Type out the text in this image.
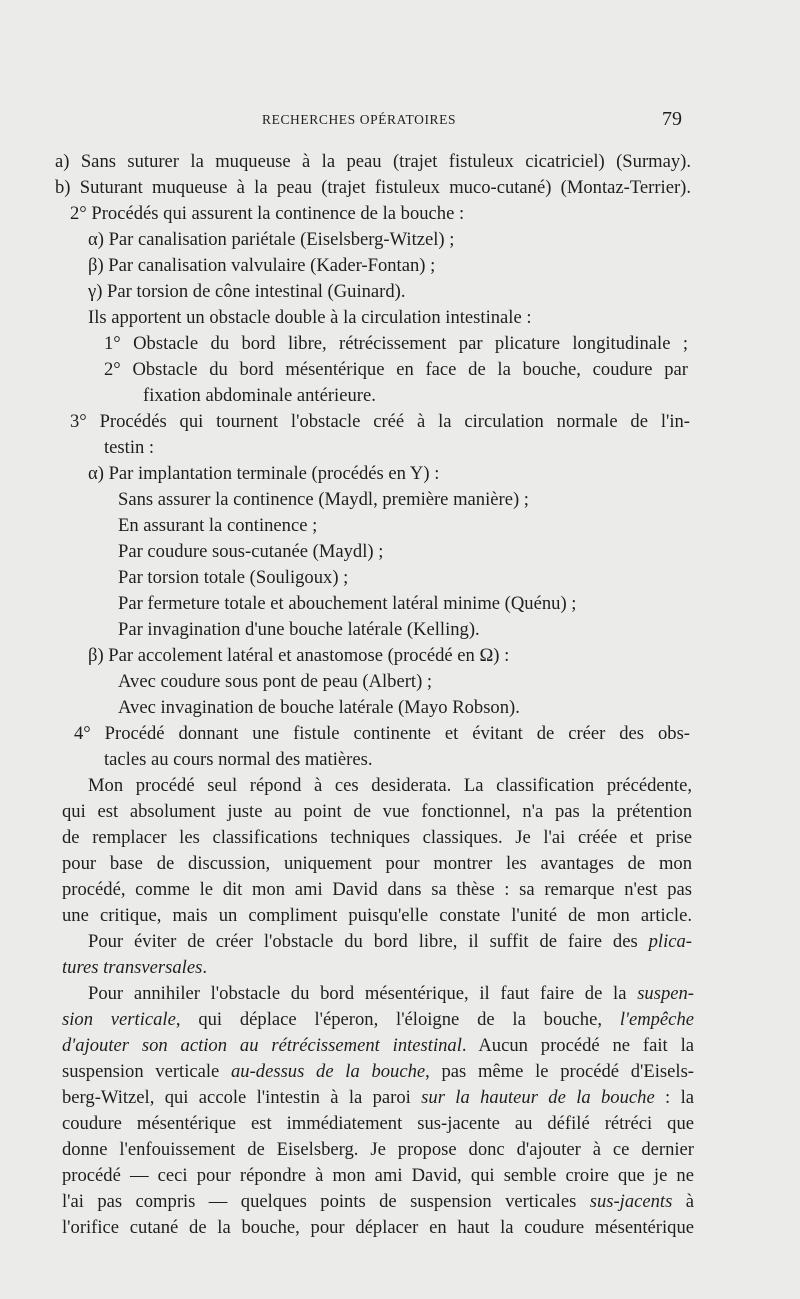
RECHERCHES OPÉRATOIRES	79
a) Sans suturer la muqueuse à la peau (trajet fistuleux cicatriciel) (Surmay).
b) Suturant muqueuse à la peau (trajet fistuleux muco-cutané) (Montaz-Terrier).
2° Procédés qui assurent la continence de la bouche :
α) Par canalisation pariétale (Eiselsberg-Witzel) ;
β) Par canalisation valvulaire (Kader-Fontan) ;
γ) Par torsion de cône intestinal (Guinard).
Ils apportent un obstacle double à la circulation intestinale :
1° Obstacle du bord libre, rétrécissement par plicature longitudinale ;
2° Obstacle du bord mésentérique en face de la bouche, coudure par
fixation abdominale antérieure.
3° Procédés qui tournent l'obstacle créé à la circulation normale de l'in-
testin :
α) Par implantation terminale (procédés en Y) :
Sans assurer la continence (Maydl, première manière) ;
En assurant la continence ;
Par coudure sous-cutanée (Maydl) ;
Par torsion totale (Souligoux) ;
Par fermeture totale et abouchement latéral minime (Quénu) ;
Par invagination d'une bouche latérale (Kelling).
β) Par accolement latéral et anastomose (procédé en Ω) :
Avec coudure sous pont de peau (Albert) ;
Avec invagination de bouche latérale (Mayo Robson).
4° Procédé donnant une fistule continente et évitant de créer des obs-
tacles au cours normal des matières.
Mon procédé seul répond à ces desiderata. La classification précédente,
qui est absolument juste au point de vue fonctionnel, n'a pas la prétention
de remplacer les classifications techniques classiques. Je l'ai créée et prise
pour base de discussion, uniquement pour montrer les avantages de mon
procédé, comme le dit mon ami David dans sa thèse : sa remarque n'est pas
une critique, mais un compliment puisqu'elle constate l'unité de mon article.
Pour éviter de créer l'obstacle du bord libre, il suffit de faire des plica-
tures transversales.
Pour annihiler l'obstacle du bord mésentérique, il faut faire de la suspen-
sion verticale, qui déplace l'éperon, l'éloigne de la bouche, l'empêche
d'ajouter son action au rétrécissement intestinal. Aucun procédé ne fait la
suspension verticale au-dessus de la bouche, pas même le procédé d'Eisels-
berg-Witzel, qui accole l'intestin à la paroi sur la hauteur de la bouche : la
coudure mésentérique est immédiatement sus-jacente au défilé rétréci que
donne l'enfouissement de Eiselsberg. Je propose donc d'ajouter à ce dernier
procédé — ceci pour répondre à mon ami David, qui semble croire que je ne
l'ai pas compris — quelques points de suspension verticales sus-jacents à
l'orifice cutané de la bouche, pour déplacer en haut la coudure mésentérique
